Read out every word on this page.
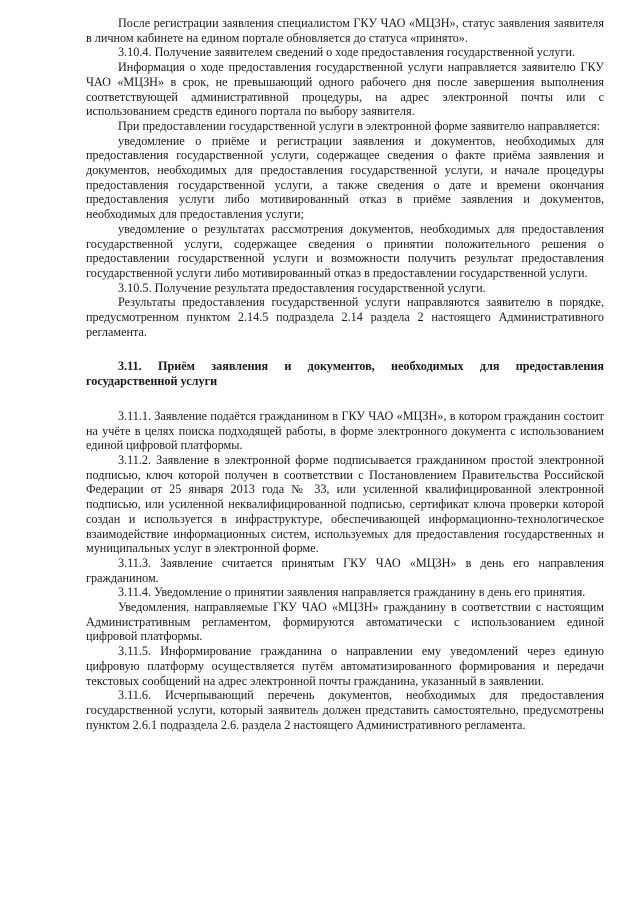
После регистрации заявления специалистом ГКУ ЧАО «МЦЗН», статус заявления заявителя в личном кабинете на едином портале обновляется до статуса «принято».

3.10.4. Получение заявителем сведений о ходе предоставления государственной услуги.

Информация о ходе предоставления государственной услуги направляется заявителю ГКУ ЧАО «МЦЗН» в срок, не превышающий одного рабочего дня после завершения выполнения соответствующей административной процедуры, на адрес электронной почты или с использованием средств единого портала по выбору заявителя.

При предоставлении государственной услуги в электронной форме заявителю направляется:

уведомление о приёме и регистрации заявления и документов, необходимых для предоставления государственной услуги, содержащее сведения о факте приёма заявления и документов, необходимых для предоставления государственной услуги, и начале процедуры предоставления государственной услуги, а также сведения о дате и времени окончания предоставления услуги либо мотивированный отказ в приёме заявления и документов, необходимых для предоставления услуги;

уведомление о результатах рассмотрения документов, необходимых для предоставления государственной услуги, содержащее сведения о принятии положительного решения о предоставлении государственной услуги и возможности получить результат предоставления государственной услуги либо мотивированный отказ в предоставлении государственной услуги.

3.10.5. Получение результата предоставления государственной услуги.

Результаты предоставления государственной услуги направляются заявителю в порядке, предусмотренном пунктом 2.14.5 подраздела 2.14 раздела 2 настоящего Административного регламента.

3.11. Приём заявления и документов, необходимых для предоставления государственной услуги

3.11.1. Заявление подаётся гражданином в ГКУ ЧАО «МЦЗН», в котором гражданин состоит на учёте в целях поиска подходящей работы, в форме электронного документа с использованием единой цифровой платформы.

3.11.2. Заявление в электронной форме подписывается гражданином простой электронной подписью, ключ которой получен в соответствии с Постановлением Правительства Российской Федерации от 25 января 2013 года № 33, или усиленной квалифицированной электронной подписью, или усиленной неквалифицированной подписью, сертификат ключа проверки которой создан и используется в инфраструктуре, обеспечивающей информационно-технологическое взаимодействие информационных систем, используемых для предоставления государственных и муниципальных услуг в электронной форме.

3.11.3. Заявление считается принятым ГКУ ЧАО «МЦЗН» в день его направления гражданином.

3.11.4. Уведомление о принятии заявления направляется гражданину в день его принятия.

Уведомления, направляемые ГКУ ЧАО «МЦЗН» гражданину в соответствии с настоящим Административным регламентом, формируются автоматически с использованием единой цифровой платформы.

3.11.5. Информирование гражданина о направлении ему уведомлений через единую цифровую платформу осуществляется путём автоматизированного формирования и передачи текстовых сообщений на адрес электронной почты гражданина, указанный в заявлении.

3.11.6. Исчерпывающий перечень документов, необходимых для предоставления государственной услуги, который заявитель должен представить самостоятельно, предусмотрены пунктом 2.6.1 подраздела 2.6. раздела 2 настоящего Административного регламента.
